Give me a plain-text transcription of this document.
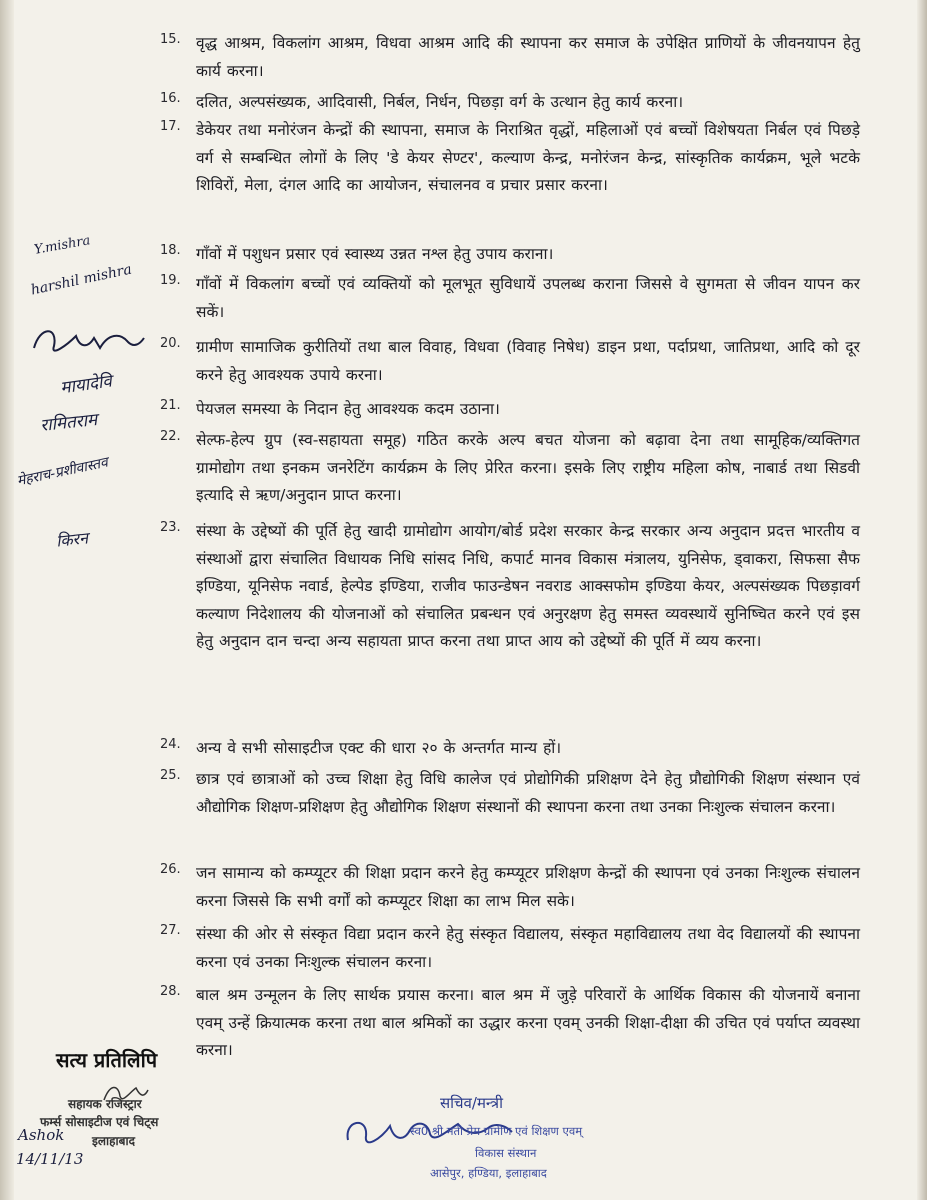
15. वृद्ध आश्रम, विकलांग आश्रम, विधवा आश्रम आदि की स्थापना कर समाज के उपेक्षित प्राणियों के जीवनयापन हेतु कार्य करना।
16. दलित, अल्पसंख्यक, आदिवासी, निर्बल, निर्धन, पिछड़ा वर्ग के उत्थान हेतु कार्य करना।
17. डेकेयर तथा मनोरंजन केन्द्रों की स्थापना, समाज के निराश्रित वृद्धों, महिलाओं एवं बच्चों विशेषयता निर्बल एवं पिछड़े वर्ग से सम्बन्धित लोगों के लिए 'डे केयर सेण्टर', कल्याण केन्द्र, मनोरंजन केन्द्र, सांस्कृतिक कार्यक्रम, भूले भटके शिविरों, मेला, दंगल आदि का आयोजन, संचालनव व प्रचार प्रसार करना।
18. गाँवों में पशुधन प्रसार एवं स्वास्थ्य उन्नत नश्ल हेतु उपाय कराना।
19. गाँवों में विकलांग बच्चों एवं व्यक्तियों को मूलभूत सुविधायें उपलब्ध कराना जिससे वे सुगमता से जीवन यापन कर सकें।
20. ग्रामीण सामाजिक कुरीतियों तथा बाल विवाह, विधवा (विवाह निषेध) डाइन प्रथा, पर्दाप्रथा, जातिप्रथा, आदि को दूर करने हेतु आवश्यक उपाये करना।
21. पेयजल समस्या के निदान हेतु आवश्यक कदम उठाना।
22. सेल्फ-हेल्प ग्रुप (स्व-सहायता समूह) गठित करके अल्प बचत योजना को बढ़ावा देना तथा सामूहिक/व्यक्तिगत ग्रामोद्योग तथा इनकम जनरेटिंग कार्यक्रम के लिए प्रेरित करना। इसके लिए राष्ट्रीय महिला कोष, नाबार्ड तथा सिडवी इत्यादि से ऋण/अनुदान प्राप्त करना।
23. संस्था के उद्देष्यों की पूर्ति हेतु खादी ग्रामोद्योग आयोग/बोर्ड प्रदेश सरकार केन्द्र सरकार अन्य अनुदान प्रदत्त भारतीय व संस्थाओं द्वारा संचालित विधायक निधि सांसद निधि, कपार्ट मानव विकास मंत्रालय, युनिसेफ, ड्वाकरा, सिफसा सैफ इण्डिया, यूनिसेफ नवार्ड, हेल्पेड इण्डिया, राजीव फाउन्डेषन नवराड आक्सफोम इण्डिया केयर, अल्पसंख्यक पिछड़ावर्ग कल्याण निदेशालय की योजनाओं को संचालित प्रबन्धन एवं अनुरक्षण हेतु समस्त व्यवस्थायें सुनिष्चित करने एवं इस हेतु अनुदान दान चन्दा अन्य सहायता प्राप्त करना तथा प्राप्त आय को उद्देष्यों की पूर्ति में व्यय करना।
24. अन्य वे सभी सोसाइटीज एक्ट की धारा २० के अन्तर्गत मान्य हों।
25. छात्र एवं छात्राओं को उच्च शिक्षा हेतु विधि कालेज एवं प्रोद्योगिकी प्रशिक्षण देने हेतु प्रौद्योगिकी शिक्षण संस्थान एवं औद्योगिक शिक्षण-प्रशिक्षण हेतु औद्योगिक शिक्षण संस्थानों की स्थापना करना तथा उनका निःशुल्क संचालन करना।
26. जन सामान्य को कम्प्यूटर की शिक्षा प्रदान करने हेतु कम्प्यूटर प्रशिक्षण केन्द्रों की स्थापना एवं उनका निःशुल्क संचालन करना जिससे कि सभी वर्गों को कम्प्यूटर शिक्षा का लाभ मिल सके।
27. संस्था की ओर से संस्कृत विद्या प्रदान करने हेतु संस्कृत विद्यालय, संस्कृत महाविद्यालय तथा वेद विद्यालयों की स्थापना करना एवं उनका निःशुल्क संचालन करना।
28. बाल श्रम उन्मूलन के लिए सार्थक प्रयास करना। बाल श्रम में जुड़े परिवारों के आर्थिक विकास की योजनायें बनाना एवम् उन्हें क्रियात्मक करना तथा बाल श्रमिकों का उद्धार करना एवम् उनकी शिक्षा-दीक्षा की उचित एवं पर्याप्त व्यवस्था करना।
Y.mishra
harshil mishra
मायादेवि
रामितराम
मेहराच-प्रशीवास्तव
किरन
सत्य प्रतिलिपि
सहायक रजिस्ट्रार
फर्म्स सोसाइटीज एवं चिट्स
इलाहाबाद
Ashok
14/11/13
सचिव/मन्त्री
स्व0 श्री मती प्रेम ग्रामीण एवं शिक्षण एवम्
विकास संस्थान
आसेपुर, हण्डिया, इलाहाबाद
